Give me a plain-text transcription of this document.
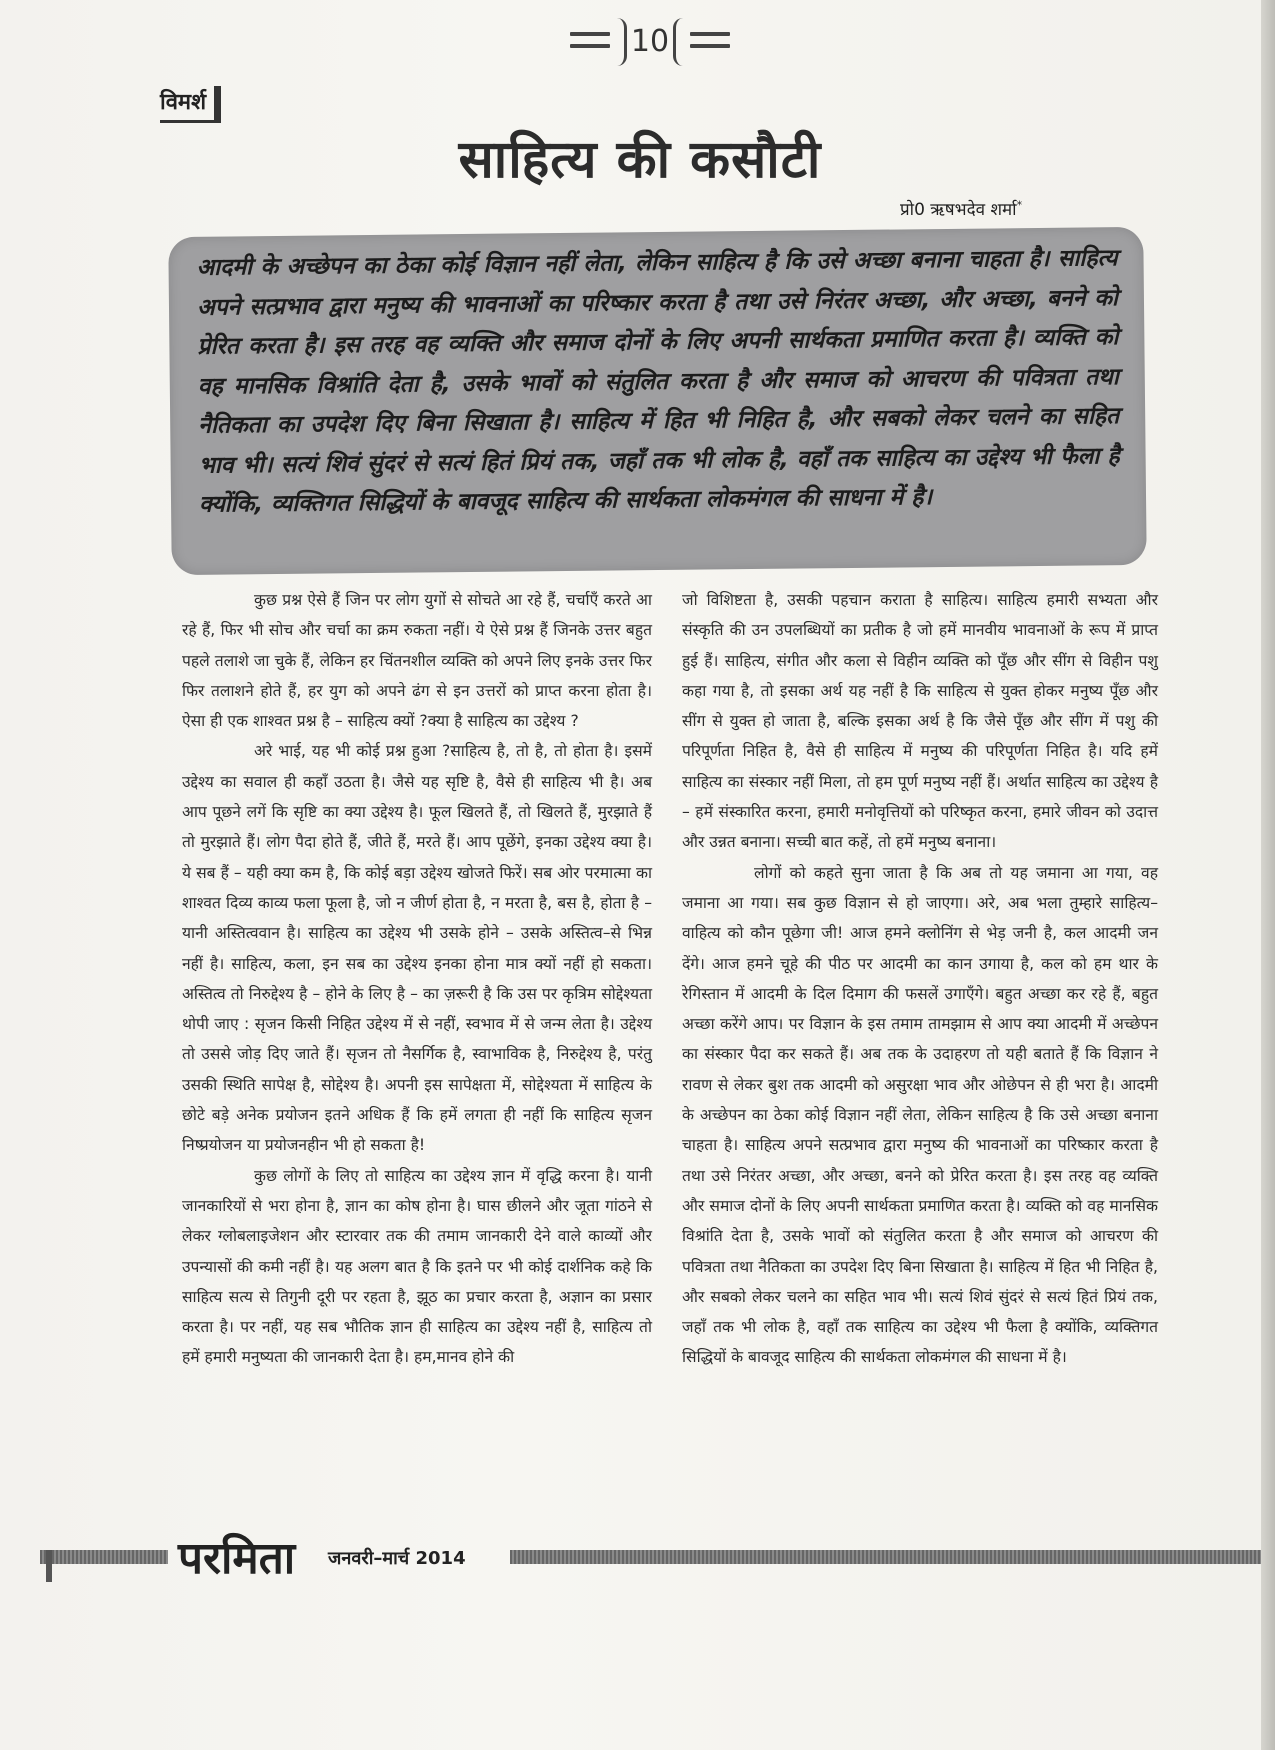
10
विमर्श
साहित्य की कसौटी
प्रो0 ऋषभदेव शर्मा*

आदमी के अच्छेपन का ठेका कोई विज्ञान नहीं लेता, लेकिन साहित्य है कि उसे अच्छा बनाना चाहता है। साहित्य अपने सत्प्रभाव द्वारा मनुष्य की भावनाओं का परिष्कार करता है तथा उसे निरंतर अच्छा, और अच्छा, बनने को प्रेरित करता है। इस तरह वह व्यक्ति और समाज दोनों के लिए अपनी सार्थकता प्रमाणित करता है। व्यक्ति को वह मानसिक विश्रांति देता है, उसके भावों को संतुलित करता है और समाज को आचरण की पवित्रता तथा नैतिकता का उपदेश दिए बिना सिखाता है। साहित्य में हित भी निहित है, और सबको लेकर चलने का सहित भाव भी। सत्यं शिवं सुंदरं से सत्यं हितं प्रियं तक, जहाँ तक भी लोक है, वहाँ तक साहित्य का उद्देश्य भी फैला है क्योंकि, व्यक्तिगत सिद्धियों के बावजूद साहित्य की सार्थकता लोकमंगल की साधना में है।

कुछ प्रश्न ऐसे हैं जिन पर लोग युगों से सोचते आ रहे हैं, चर्चाएँ करते आ रहे हैं, फिर भी सोच और चर्चा का क्रम रुकता नहीं। ये ऐसे प्रश्न हैं जिनके उत्तर बहुत पहले तलाशे जा चुके हैं, लेकिन हर चिंतनशील व्यक्ति को अपने लिए इनके उत्तर फिर फिर तलाशने होते हैं, हर युग को अपने ढंग से इन उत्तरों को प्राप्त करना होता है। ऐसा ही एक शाश्वत प्रश्न है – साहित्य क्यों ?क्या है साहित्य का उद्देश्य ?

अरे भाई, यह भी कोई प्रश्न हुआ ?साहित्य है, तो है, तो होता है। इसमें उद्देश्य का सवाल ही कहाँ उठता है। जैसे यह सृष्टि है, वैसे ही साहित्य भी है। अब आप पूछने लगें कि सृष्टि का क्या उद्देश्य है। फूल खिलते हैं, तो खिलते हैं, मुरझाते हैं तो मुरझाते हैं। लोग पैदा होते हैं, जीते हैं, मरते हैं। आप पूछेंगे, इनका उद्देश्य क्या है। ये सब हैं – यही क्या कम है, कि कोई बड़ा उद्देश्य खोजते फिरें। सब ओर परमात्मा का शाश्वत दिव्य काव्य फला फूला है, जो न जीर्ण होता है, न मरता है, बस है, होता है – यानी अस्तित्ववान है। साहित्य का उद्देश्य भी उसके होने – उसके अस्तित्व–से भिन्न नहीं है। साहित्य, कला, इन सब का उद्देश्य इनका होना मात्र क्यों नहीं हो सकता। अस्तित्व तो निरुद्देश्य है – होने के लिए है – का ज़रूरी है कि उस पर कृत्रिम सोद्देश्यता थोपी जाए : सृजन किसी निहित उद्देश्य में से नहीं, स्वभाव में से जन्म लेता है। उद्देश्य तो उससे जोड़ दिए जाते हैं। सृजन तो नैसर्गिक है, स्वाभाविक है, निरुद्देश्य है, परंतु उसकी स्थिति सापेक्ष है, सोद्देश्य है। अपनी इस सापेक्षता में, सोद्देश्यता में साहित्य के छोटे बड़े अनेक प्रयोजन इतने अधिक हैं कि हमें लगता ही नहीं कि साहित्य सृजन निष्प्रयोजन या प्रयोजनहीन भी हो सकता है!

कुछ लोगों के लिए तो साहित्य का उद्देश्य ज्ञान में वृद्धि करना है। यानी जानकारियों से भरा होना है, ज्ञान का कोष होना है। घास छीलने और जूता गांठने से लेकर ग्लोबलाइजेशन और स्टारवार तक की तमाम जानकारी देने वाले काव्यों और उपन्यासों की कमी नहीं है। यह अलग बात है कि इतने पर भी कोई दार्शनिक कहे कि साहित्य सत्य से तिगुनी दूरी पर रहता है, झूठ का प्रचार करता है, अज्ञान का प्रसार करता है। पर नहीं, यह सब भौतिक ज्ञान ही साहित्य का उद्देश्य नहीं है, साहित्य तो हमें हमारी मनुष्यता की जानकारी देता है। हम,मानव होने की

जो विशिष्टता है, उसकी पहचान कराता है साहित्य। साहित्य हमारी सभ्यता और संस्कृति की उन उपलब्धियों का प्रतीक है जो हमें मानवीय भावनाओं के रूप में प्राप्त हुई हैं। साहित्य, संगीत और कला से विहीन व्यक्ति को पूँछ और सींग से विहीन पशु कहा गया है, तो इसका अर्थ यह नहीं है कि साहित्य से युक्त होकर मनुष्य पूँछ और सींग से युक्त हो जाता है, बल्कि इसका अर्थ है कि जैसे पूँछ और सींग में पशु की परिपूर्णता निहित है, वैसे ही साहित्य में मनुष्य की परिपूर्णता निहित है। यदि हमें साहित्य का संस्कार नहीं मिला, तो हम पूर्ण मनुष्य नहीं हैं। अर्थात साहित्य का उद्देश्य है – हमें संस्कारित करना, हमारी मनोवृत्तियों को परिष्कृत करना, हमारे जीवन को उदात्त और उन्नत बनाना। सच्ची बात कहें, तो हमें मनुष्य बनाना।

लोगों को कहते सुना जाता है कि अब तो यह जमाना आ गया, वह जमाना आ गया। सब कुछ विज्ञान से हो जाएगा। अरे, अब भला तुम्हारे साहित्य–वाहित्य को कौन पूछेगा जी! आज हमने क्लोनिंग से भेड़ जनी है, कल आदमी जन देंगे। आज हमने चूहे की पीठ पर आदमी का कान उगाया है, कल को हम थार के रेगिस्तान में आदमी के दिल दिमाग की फसलें उगाएँगे। बहुत अच्छा कर रहे हैं, बहुत अच्छा करेंगे आप। पर विज्ञान के इस तमाम तामझाम से आप क्या आदमी में अच्छेपन का संस्कार पैदा कर सकते हैं। अब तक के उदाहरण तो यही बताते हैं कि विज्ञान ने रावण से लेकर बुश तक आदमी को असुरक्षा भाव और ओछेपन से ही भरा है। आदमी के अच्छेपन का ठेका कोई विज्ञान नहीं लेता, लेकिन साहित्य है कि उसे अच्छा बनाना चाहता है। साहित्य अपने सत्प्रभाव द्वारा मनुष्य की भावनाओं का परिष्कार करता है तथा उसे निरंतर अच्छा, और अच्छा, बनने को प्रेरित करता है। इस तरह वह व्यक्ति और समाज दोनों के लिए अपनी सार्थकता प्रमाणित करता है। व्यक्ति को वह मानसिक विश्रांति देता है, उसके भावों को संतुलित करता है और समाज को आचरण की पवित्रता तथा नैतिकता का उपदेश दिए बिना सिखाता है। साहित्य में हित भी निहित है, और सबको लेकर चलने का सहित भाव भी। सत्यं शिवं सुंदरं से सत्यं हितं प्रियं तक, जहाँ तक भी लोक है, वहाँ तक साहित्य का उद्देश्य भी फैला है क्योंकि, व्यक्तिगत सिद्धियों के बावजूद साहित्य की सार्थकता लोकमंगल की साधना में है।

परमिता जनवरी–मार्च 2014
